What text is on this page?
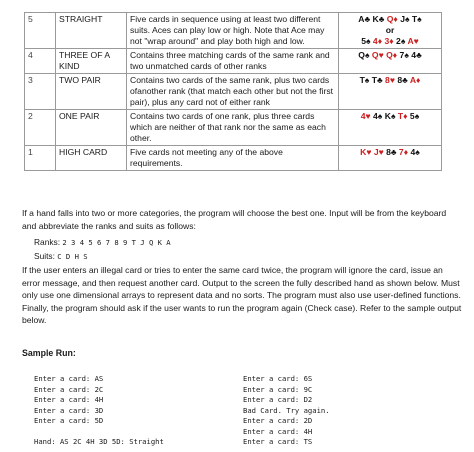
5	STRAIGHT	Five cards in sequence using at least two different suits. Aces can play low or high. Note that Ace may not "wrap around" and play both high and low.	A♣ K♣ Q♦ J♠ T♠
or
5♠ 4♦ 3♦ 2♠ A♥

4	THREE OF A KIND	Contains three matching cards of the same rank and two unmatched cards of other ranks	Q♠ Q♥ Q♦ 7♠ 4♣

3	TWO PAIR	Contains two cards of the same rank, plus two cards ofanother rank (that match each other but not the first pair), plus any card not of either rank	T♠ T♣ 8♥ 8♣ A♦

2	ONE PAIR	Contains two cards of one rank, plus three cards which are neither of that rank nor the same as each other.	4♥ 4♠ K♠ T♦ 5♠

1	HIGH CARD	Five cards not meeting any of the above requirements.	K♥ J♥ 8♣ 7♦ 4♠

If a hand falls into two or more categories, the program will choose the best one. Input will be from the keyboard and abbreviate the ranks and suits as follows:

Ranks: 2 3 4 5 6 7 8 9 T J Q K A
Suits: C D H S

If the user enters an illegal card or tries to enter the same card twice, the program will ignore the card, issue an error message, and then request another card. Output to the screen the fully described hand as shown below. Must only use one dimensional arrays to represent data and no sorts. The program must also use user-defined functions. Finally, the program should ask if the user wants to run the program again (Check case). Refer to the sample output below.

Sample Run:
Enter a card: AS
Enter a card: 2C
Enter a card: 4H
Enter a card: 3D
Enter a card: 5D

Hand: AS 2C 4H 3D 5D: Straight
Enter a card: 6S
Enter a card: 9C
Enter a card: D2
Bad Card. Try again.
Enter a card: 2D
Enter a card: 4H
Enter a card: TS
